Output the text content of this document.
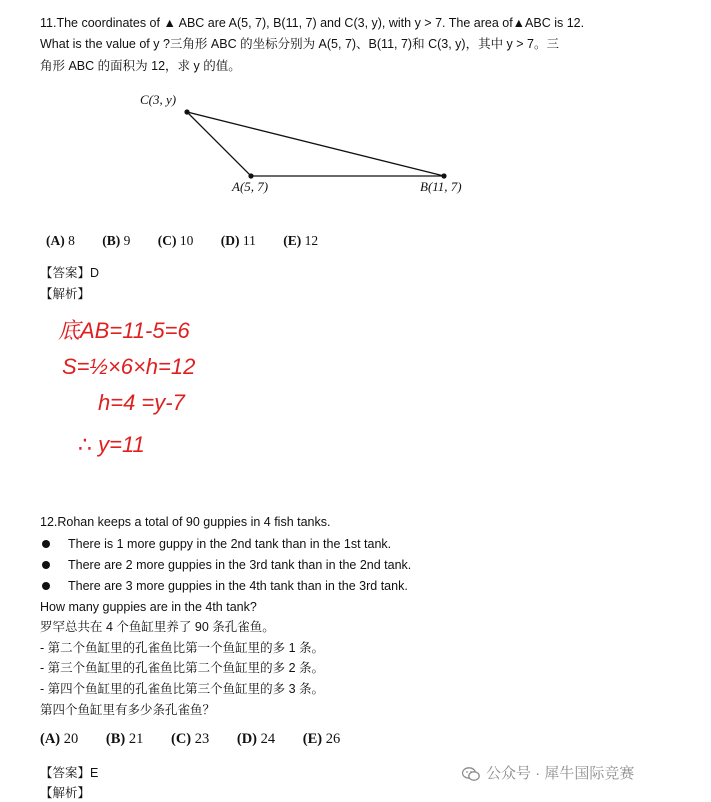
11.The coordinates of ▲ ABC are A(5, 7), B(11, 7) and C(3, y), with y > 7. The area of▲ABC is 12.
What is the value of y ?三角形 ABC 的坐标分别为 A(5, 7)、B(11, 7)和 C(3, y)，其中 y > 7。三
角形 ABC 的面积为 12，求 y 的值。
C(3, y)
A(5, 7)	B(11, 7)
(A) 8 (B) 9 (C) 10 (D) 11 (E) 12
【答案】D
【解析】
底AB=11-5=6
S=½×6×h=12
h=4 =y-7
∴ y=11
12.Rohan keeps a total of 90 guppies in 4 fish tanks.
There is 1 more guppy in the 2nd tank than in the 1st tank.
There are 2 more guppies in the 3rd tank than in the 2nd tank.
There are 3 more guppies in the 4th tank than in the 3rd tank.
How many guppies are in the 4th tank?
罗罕总共在 4 个鱼缸里养了 90 条孔雀鱼。
- 第二个鱼缸里的孔雀鱼比第一个鱼缸里的多 1 条。
- 第三个鱼缸里的孔雀鱼比第二个鱼缸里的多 2 条。
- 第四个鱼缸里的孔雀鱼比第三个鱼缸里的多 3 条。
第四个鱼缸里有多少条孔雀鱼？
(A) 20 (B) 21 (C) 23 (D) 24 (E) 26
【答案】E
【解析】
公众号 · 犀牛国际竞赛
